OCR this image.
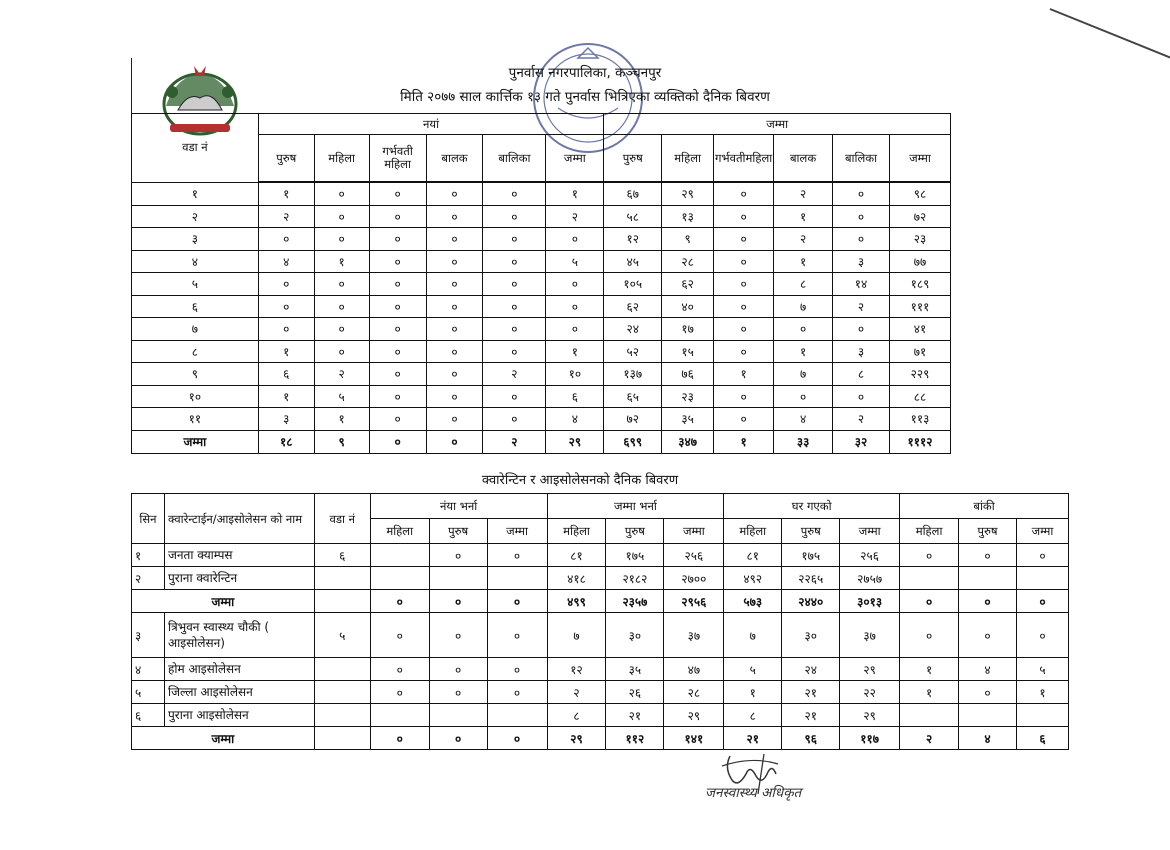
पुनर्वास नगरपालिका, कञ्चनपुर
मिति २०७७ साल कार्त्तिक १३ गते पुनर्वास भित्रिएका व्यक्तिको दैनिक बिवरण
वडा नं	नयां						जम्मा					
	पुरुष	महिला	गर्भवती महिला	बालक	बालिका	जम्मा	पुरुष	महिला	गर्भवतीमहिला	बालक	बालिका	जम्मा
१	१	०	०	०	०	१	६७	२९	०	२	०	९८
२	२	०	०	०	०	२	५८	१३	०	१	०	७२
३	०	०	०	०	०	०	१२	९	०	२	०	२३
४	४	१	०	०	०	५	४५	२८	०	१	३	७७
५	०	०	०	०	०	०	१०५	६२	०	८	१४	१८९
६	०	०	०	०	०	०	६२	४०	०	७	२	१११
७	०	०	०	०	०	०	२४	१७	०	०	०	४१
८	१	०	०	०	०	१	५२	१५	०	१	३	७१
९	६	२	०	०	२	१०	१३७	७६	१	७	८	२२९
१०	१	५	०	०	०	६	६५	२३	०	०	०	८८
११	३	१	०	०	०	४	७२	३५	०	४	२	११३
जम्मा	१८	९	०	०	२	२९	६९९	३४७	१	३३	३२	१११२
क्वारेन्टिन र आइसोलेसनको दैनिक बिवरण
सिन	क्वारेन्टाईन/आइसोलेसन को नाम	वडा नं	नंया भर्ना			जम्मा भर्ना			घर गएको			बांकी		
			महिला	पुरुष	जम्मा	महिला	पुरुष	जम्मा	महिला	पुरुष	जम्मा	महिला	पुरुष	जम्मा
१	जनता क्याम्पस	६		०	०	८१	१७५	२५६	८१	१७५	२५६	०	०	०
२	पुराना क्वारेन्टिन					४१८	२१८२	२७००	४९२	२२६५	२७५७			
जम्मा			०	०	०	४९९	२३५७	२९५६	५७३	२४४०	३०१३	०	०	०
३	त्रिभुवन स्वास्थ्य चौकी ( आइसोलेसन)	५	०	०	०	७	३०	३७	७	३०	३७	०	०	०
४	होम आइसोलेसन		०	०	०	१२	३५	४७	५	२४	२९	१	४	५
५	जिल्ला आइसोलेसन		०	०	०	२	२६	२८	१	२१	२२	१	०	१
६	पुराना आइसोलेसन					८	२१	२९	८	२१	२९			
जम्मा			०	०	०	२९	११२	१४१	२१	९६	११७	२	४	६
जनस्वास्थ्य अधिकृत
